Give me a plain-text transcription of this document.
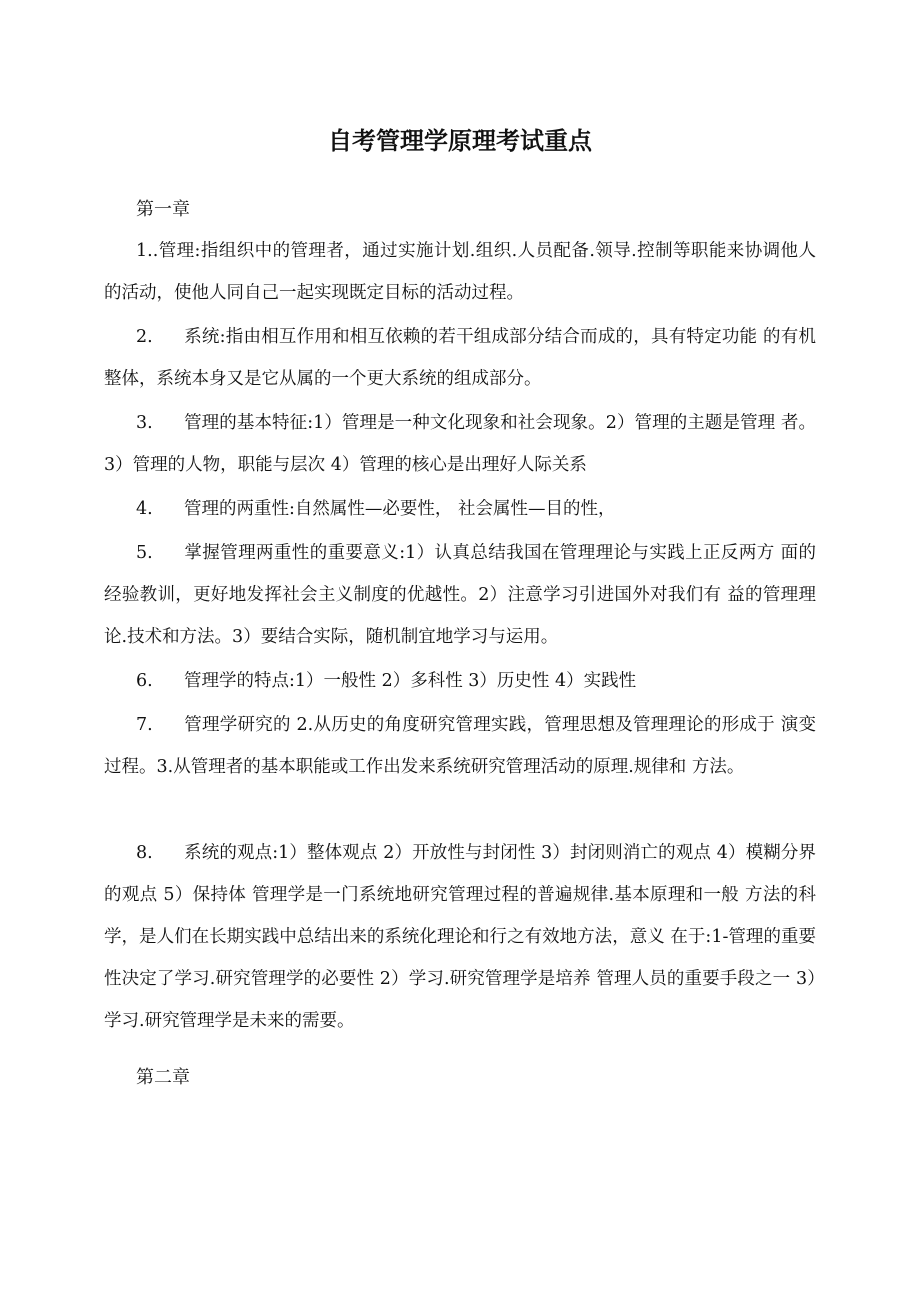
自考管理学原理考试重点

第一章

1..管理:指组织中的管理者，通过实施计划.组织.人员配备.领导.控制等职能来协调他人的活动，使他人同自己一起实现既定目标的活动过程。

2. 系统:指由相互作用和相互依赖的若干组成部分结合而成的，具有特定功能 的有机整体，系统本身又是它从属的一个更大系统的组成部分。

3. 管理的基本特征:1）管理是一种文化现象和社会现象。2）管理的主题是管理 者。3）管理的人物，职能与层次 4）管理的核心是出理好人际关系

4. 管理的两重性:自然属性—必要性， 社会属性—目的性，

5. 掌握管理两重性的重要意义:1）认真总结我国在管理理论与实践上正反两方 面的经验教训，更好地发挥社会主义制度的优越性。2）注意学习引进国外对我们有 益的管理理论.技术和方法。3）要结合实际，随机制宜地学习与运用。

6. 管理学的特点:1）一般性 2）多科性 3）历史性 4）实践性

7. 管理学研究的 2.从历史的角度研究管理实践，管理思想及管理理论的形成于 演变过程。3.从管理者的基本职能或工作出发来系统研究管理活动的原理.规律和 方法。

8. 系统的观点:1）整体观点 2）开放性与封闭性 3）封闭则消亡的观点 4）模糊分界 的观点 5）保持体 管理学是一门系统地研究管理过程的普遍规律.基本原理和一般 方法的科学，是人们在长期实践中总结出来的系统化理论和行之有效地方法，意义 在于:1-管理的重要性决定了学习.研究管理学的必要性 2）学习.研究管理学是培养 管理人员的重要手段之一 3）学习.研究管理学是未来的需要。

第二章
